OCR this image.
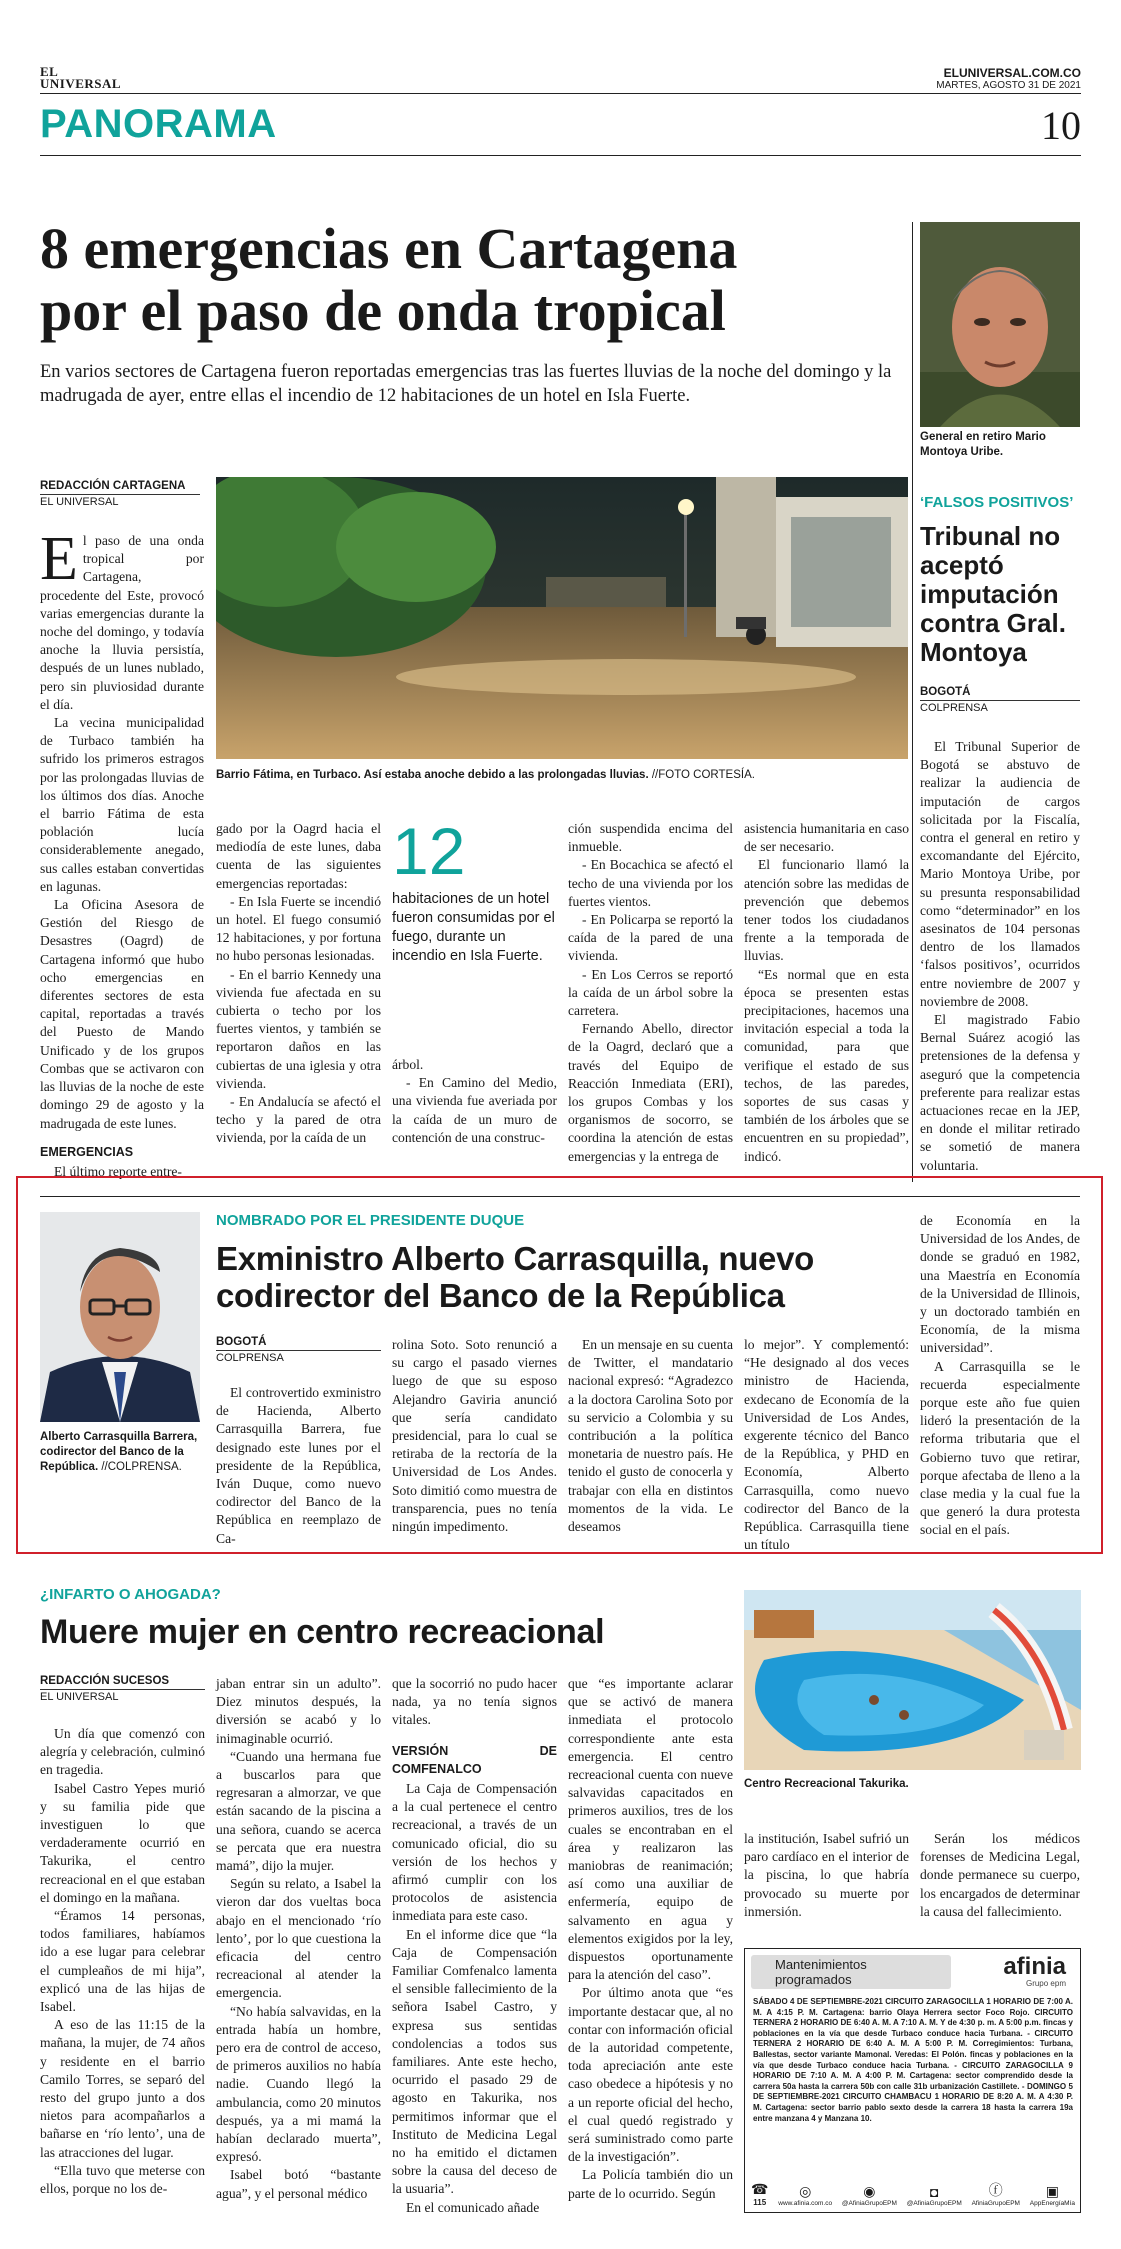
EL UNIVERSAL
ELUNIVERSAL.COM.CO
MARTES, AGOSTO 31 DE 2021
PANORAMA	10
8 emergencias en Cartagena
por el paso de onda tropical
En varios sectores de Cartagena fueron reportadas emergencias tras las fuertes lluvias de la noche del domingo y la madrugada de ayer, entre ellas el incendio de 12 habitaciones de un hotel en Isla Fuerte.
REDACCIÓN CARTAGENA
EL UNIVERSAL
Barrio Fátima, en Turbaco. Así estaba anoche debido a las prolongadas lluvias. //FOTO CORTESÍA.

El paso de una onda tropical por Cartagena, procedente del Este, provocó varias emergencias durante la noche del domingo, y todavía anoche la lluvia persistía, después de un lunes nublado, pero sin pluviosidad durante el día.

La vecina municipalidad de Turbaco también ha sufrido los primeros estragos por las prolongadas lluvias de los últimos dos días. Anoche el barrio Fátima de esta población lucía considerablemente anegado, sus calles estaban convertidas en lagunas.

La Oficina Asesora de Gestión del Riesgo de Desastres (Oagrd) de Cartagena informó que hubo ocho emergencias en diferentes sectores de esta capital, reportadas a través del Puesto de Mando Unificado y de los grupos Combas que se activaron con las lluvias de la noche de este domingo 29 de agosto y la madrugada de este lunes.

EMERGENCIAS

El último reporte entre-

gado por la Oagrd hacia el mediodía de este lunes, daba cuenta de las siguientes emergencias reportadas:

- En Isla Fuerte se incendió un hotel. El fuego consumió 12 habitaciones, y por fortuna no hubo personas lesionadas.

- En el barrio Kennedy una vivienda fue afectada en su cubierta o techo por los fuertes vientos, y también se reportaron daños en las cubiertas de una iglesia y otra vivienda.

- En Andalucía se afectó el techo y la pared de otra vivienda, por la caída de un

12
habitaciones de un hotel fueron consumidas por el fuego, durante un incendio en Isla Fuerte.

árbol.

- En Camino del Medio, una vivienda fue averiada por la caída de un muro de contención de una construc-

ción suspendida encima del inmueble.

- En Bocachica se afectó el techo de una vivienda por los fuertes vientos.

- En Policarpa se reportó la caída de la pared de una vivienda.

- En Los Cerros se reportó la caída de un árbol sobre la carretera.

Fernando Abello, director de la Oagrd, declaró que a través del Equipo de Reacción Inmediata (ERI), los grupos Combas y los organismos de socorro, se coordina la atención de estas emergencias y la entrega de

asistencia humanitaria en caso de ser necesario.

El funcionario llamó la atención sobre las medidas de prevención que debemos tener todos los ciudadanos frente a la temporada de lluvias.

“Es normal que en esta época se presenten estas precipitaciones, hacemos una invitación especial a toda la comunidad, para que verifique el estado de sus techos, de las paredes, soportes de sus casas y también de los árboles que se encuentren en su propiedad”, indicó.

General en retiro Mario Montoya Uribe.
‘FALSOS POSITIVOS’
Tribunal no aceptó imputación contra Gral. Montoya
BOGOTÁ
COLPRENSA

El Tribunal Superior de Bogotá se abstuvo de realizar la audiencia de imputación de cargos solicitada por la Fiscalía, contra el general en retiro y excomandante del Ejército, Mario Montoya Uribe, por su presunta responsabilidad como “determinador” en los asesinatos de 104 personas dentro de los llamados ‘falsos positivos’, ocurridos entre noviembre de 2007 y noviembre de 2008.

El magistrado Fabio Bernal Suárez acogió las pretensiones de la defensa y aseguró que la competencia preferente para realizar estas actuaciones recae en la JEP, en donde el militar retirado se sometió de manera voluntaria.

Alberto Carrasquilla Barrera, codirector del Banco de la República. //COLPRENSA.
NOMBRADO POR EL PRESIDENTE DUQUE
Exministro Alberto Carrasquilla, nuevo
codirector del Banco de la República
BOGOTÁ
COLPRENSA

El controvertido exministro de Hacienda, Alberto Carrasquilla Barrera, fue designado este lunes por el presidente de la República, Iván Duque, como nuevo codirector del Banco de la República en reemplazo de Ca-

rolina Soto. Soto renunció a su cargo el pasado viernes luego de que su esposo Alejandro Gaviria anunció que sería candidato presidencial, para lo cual se retiraba de la rectoría de la Universidad de Los Andes. Soto dimitió como muestra de transparencia, pues no tenía ningún impedimento.

En un mensaje en su cuenta de Twitter, el mandatario nacional expresó: “Agradezco a la doctora Carolina Soto por su servicio a Colombia y su contribución a la política monetaria de nuestro país. He tenido el gusto de conocerla y trabajar con ella en distintos momentos de la vida. Le deseamos

lo mejor”. Y complementó: “He designado al dos veces ministro de Hacienda, exdecano de Economía de la Universidad de Los Andes, exgerente técnico del Banco de la República, y PHD en Economía, Alberto Carrasquilla, como nuevo codirector del Banco de la República. Carrasquilla tiene un título

de Economía en la Universidad de los Andes, de donde se graduó en 1982, una Maestría en Economía de la Universidad de Illinois, y un doctorado también en Economía, de la misma universidad”.

A Carrasquilla se le recuerda especialmente porque este año fue quien lideró la presentación de la reforma tributaria que el Gobierno tuvo que retirar, porque afectaba de lleno a la clase media y la cual fue la que generó la dura protesta social en el país.

¿INFARTO O AHOGADA?
Muere mujer en centro recreacional
REDACCIÓN SUCESOS
EL UNIVERSAL

Un día que comenzó con alegría y celebración, culminó en tragedia.

Isabel Castro Yepes murió y su familia pide que investiguen lo que verdaderamente ocurrió en Takurika, el centro recreacional en el que estaban el domingo en la mañana.

“Éramos 14 personas, todos familiares, habíamos ido a ese lugar para celebrar el cumpleaños de mi hija”, explicó una de las hijas de Isabel.

A eso de las 11:15 de la mañana, la mujer, de 74 años y residente en el barrio Camilo Torres, se separó del resto del grupo junto a dos nietos para acompañarlos a bañarse en ‘río lento’, una de las atracciones del lugar.

“Ella tuvo que meterse con ellos, porque no los de-

jaban entrar sin un adulto”. Diez minutos después, la diversión se acabó y lo inimaginable ocurrió.

“Cuando una hermana fue a buscarlos para que regresaran a almorzar, ve que están sacando de la piscina a una señora, cuando se acerca se percata que era nuestra mamá”, dijo la mujer.

Según su relato, a Isabel la vieron dar dos vueltas boca abajo en el mencionado ‘río lento’, por lo que cuestiona la eficacia del centro recreacional al atender la emergencia.

“No había salvavidas, en la entrada había un hombre, pero era de control de acceso, de primeros auxilios no había nadie. Cuando llegó la ambulancia, como 20 minutos después, ya a mi mamá la habían declarado muerta”, expresó.

Isabel botó “bastante agua”, y el personal médico

que la socorrió no pudo hacer nada, ya no tenía signos vitales.

VERSIÓN DE COMFENALCO

La Caja de Compensación a la cual pertenece el centro recreacional, a través de un comunicado oficial, dio su versión de los hechos y afirmó cumplir con los protocolos de asistencia inmediata para este caso.

En el informe dice que “la Caja de Compensación Familiar Comfenalco lamenta el sensible fallecimiento de la señora Isabel Castro, y expresa sus sentidas condolencias a todos sus familiares. Ante este hecho, ocurrido el pasado 29 de agosto en Takurika, nos permitimos informar que el Instituto de Medicina Legal no ha emitido el dictamen sobre la causa del deceso de la usuaria”.

En el comunicado añade

que “es importante aclarar que se activó de manera inmediata el protocolo correspondiente ante esta emergencia. El centro recreacional cuenta con nueve salvavidas capacitados en primeros auxilios, tres de los cuales se encontraban en el área y realizaron las maniobras de reanimación; así como una auxiliar de enfermería, equipo de salvamento en agua y elementos exigidos por la ley, dispuestos oportunamente para la atención del caso”.

Por último anota que “es importante destacar que, al no contar con información oficial de la autoridad competente, toda apreciación ante este caso obedece a hipótesis y no a un reporte oficial del hecho, el cual quedó registrado y será suministrado como parte de la investigación”.

La Policía también dio un parte de lo ocurrido. Según

Centro Recreacional Takurika.

la institución, Isabel sufrió un paro cardíaco en el interior de la piscina, lo que habría provocado su muerte por inmersión.

Serán los médicos forenses de Medicina Legal, donde permanece su cuerpo, los encargados de determinar la causa del fallecimiento.

Mantenimientos
programados	afinia
Grupo epm
SÁBADO 4 DE SEPTIEMBRE-2021 CIRCUITO ZARAGOCILLA 1 HORARIO DE 7:00 A. M. A 4:15 P. M. Cartagena: barrio Olaya Herrera sector Foco Rojo. CIRCUITO TERNERA 2 HORARIO DE 6:40 A. M. A 7:10 A. M. Y de 4:30 p. m. A 5:00 p.m. fincas y poblaciones en la vía que desde Turbaco conduce hacia Turbana. - CIRCUITO TERNERA 2 HORARIO DE 6:40 A. M. A 5:00 P. M. Corregimientos: Turbana, Ballestas, sector variante Mamonal. Veredas: El Polón. fincas y poblaciones en la vía que desde Turbaco conduce hacia Turbana. - CIRCUITO ZARAGOCILLA 9 HORARIO DE 7:10 A. M. A 4:00 P. M. Cartagena: sector comprendido desde la carrera 50a hasta la carrera 50b con calle 31b urbanización Castillete. - DOMINGO 5 DE SEPTIEMBRE-2021 CIRCUITO CHAMBACU 1 HORARIO DE 8:20 A. M. A 4:30 P. M. Cartagena: sector barrio pablo sexto desde la carrera 18 hasta la carrera 19a entre manzana 4 y Manzana 10.
☎
115
◎
www.afinia.com.co
◉
@AfiniaGrupoEPM
◘
@AfiniaGrupoEPM
ⓕ
AfiniaGrupoEPM
▣
AppEnergíaMía
